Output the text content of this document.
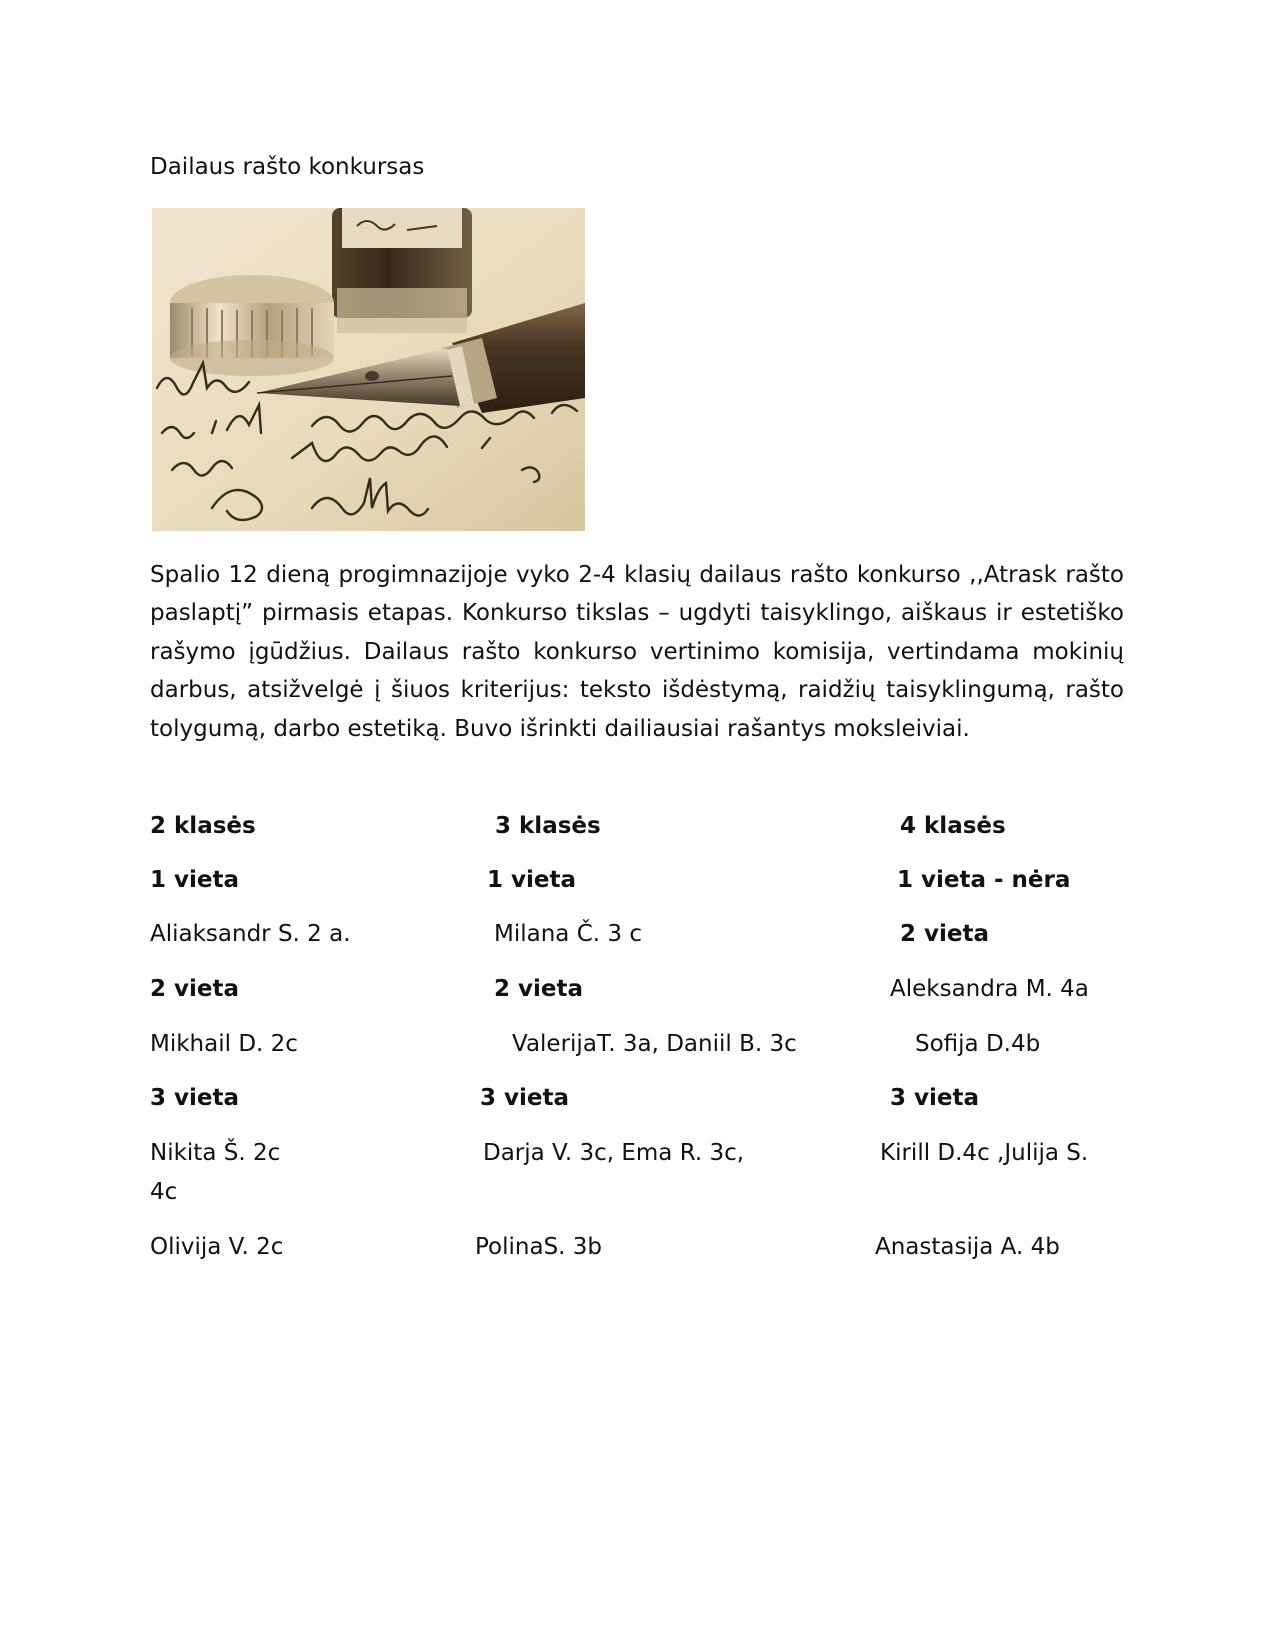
Dailaus rašto konkursas
Spalio 12 dieną progimnazijoje vyko 2-4 klasių dailaus rašto konkurso ,,Atrask rašto paslaptį” pirmasis etapas. Konkurso tikslas – ugdyti taisyklingo, aiškaus ir estetiško rašymo įgūdžius. Dailaus rašto konkurso vertinimo komisija, vertindama mokinių darbus, atsižvelgė į šiuos kriterijus: teksto išdėstymą, raidžių taisyklingumą, rašto tolygumą, darbo estetiką. Buvo išrinkti dailiausiai rašantys moksleiviai.
2 klasės
1 vieta
Aliaksandr S. 2 a.
2 vieta
Mikhail D. 2c
3 vieta
Nikita Š. 2c
Olivija V. 2c
3 klasės
1 vieta
Milana Č. 3 c
2 vieta
ValerijaT. 3a, Daniil B. 3c
3 vieta
Darja V. 3c, Ema R. 3c,
PolinaS. 3b
4 klasės
1 vieta - nėra
2 vieta
Aleksandra M. 4a
Sofija D.4b
3 vieta
Kirill D.4c ,Julija S.
4c
Anastasija A. 4b
